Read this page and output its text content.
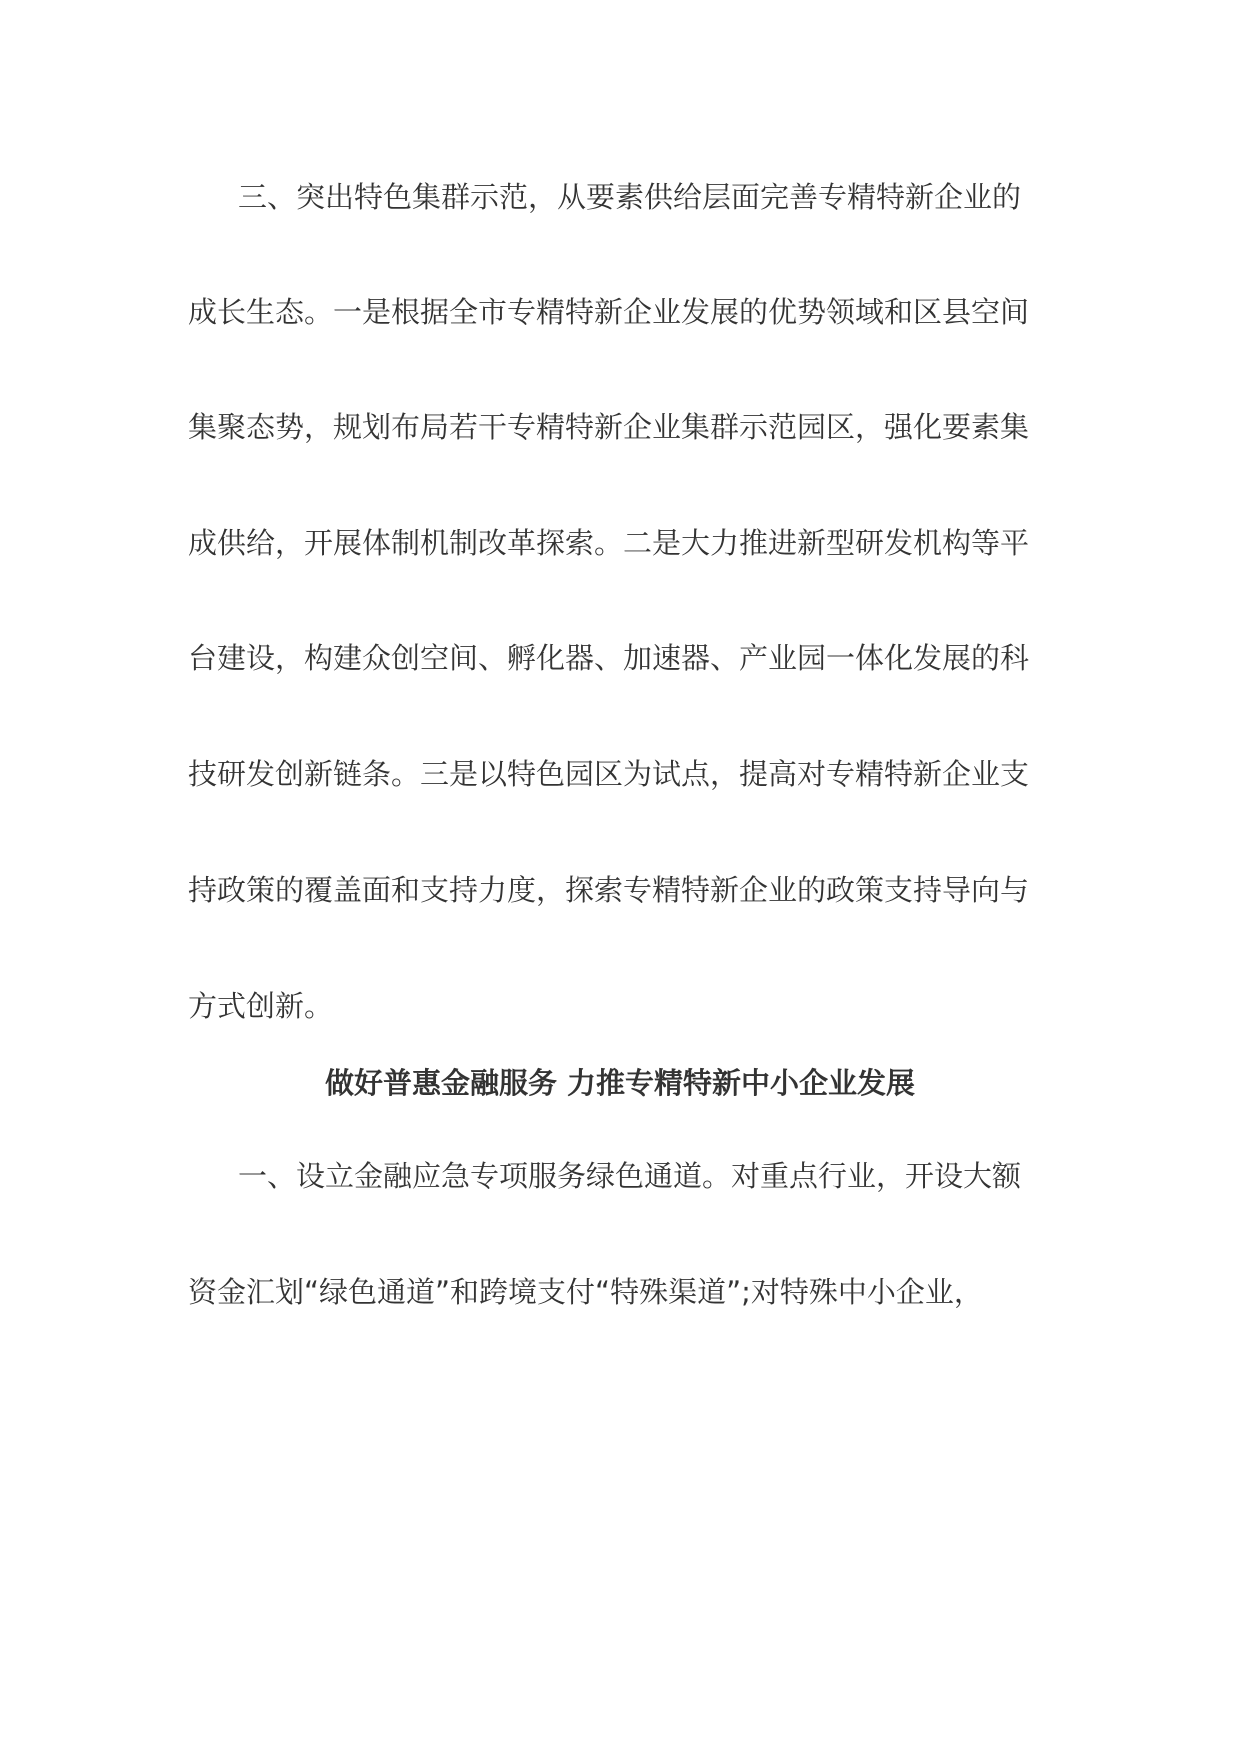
三、突出特色集群示范，从要素供给层面完善专精特新企业的
成长生态。一是根据全市专精特新企业发展的优势领域和区县空间
集聚态势，规划布局若干专精特新企业集群示范园区，强化要素集
成供给，开展体制机制改革探索。二是大力推进新型研发机构等平
台建设，构建众创空间、孵化器、加速器、产业园一体化发展的科
技研发创新链条。三是以特色园区为试点，提高对专精特新企业支
持政策的覆盖面和支持力度，探索专精特新企业的政策支持导向与
方式创新。
做好普惠金融服务 力推专精特新中小企业发展
一、设立金融应急专项服务绿色通道。对重点行业，开设大额
资金汇划“绿色通道”和跨境支付“特殊渠道”;对特殊中小企业，
